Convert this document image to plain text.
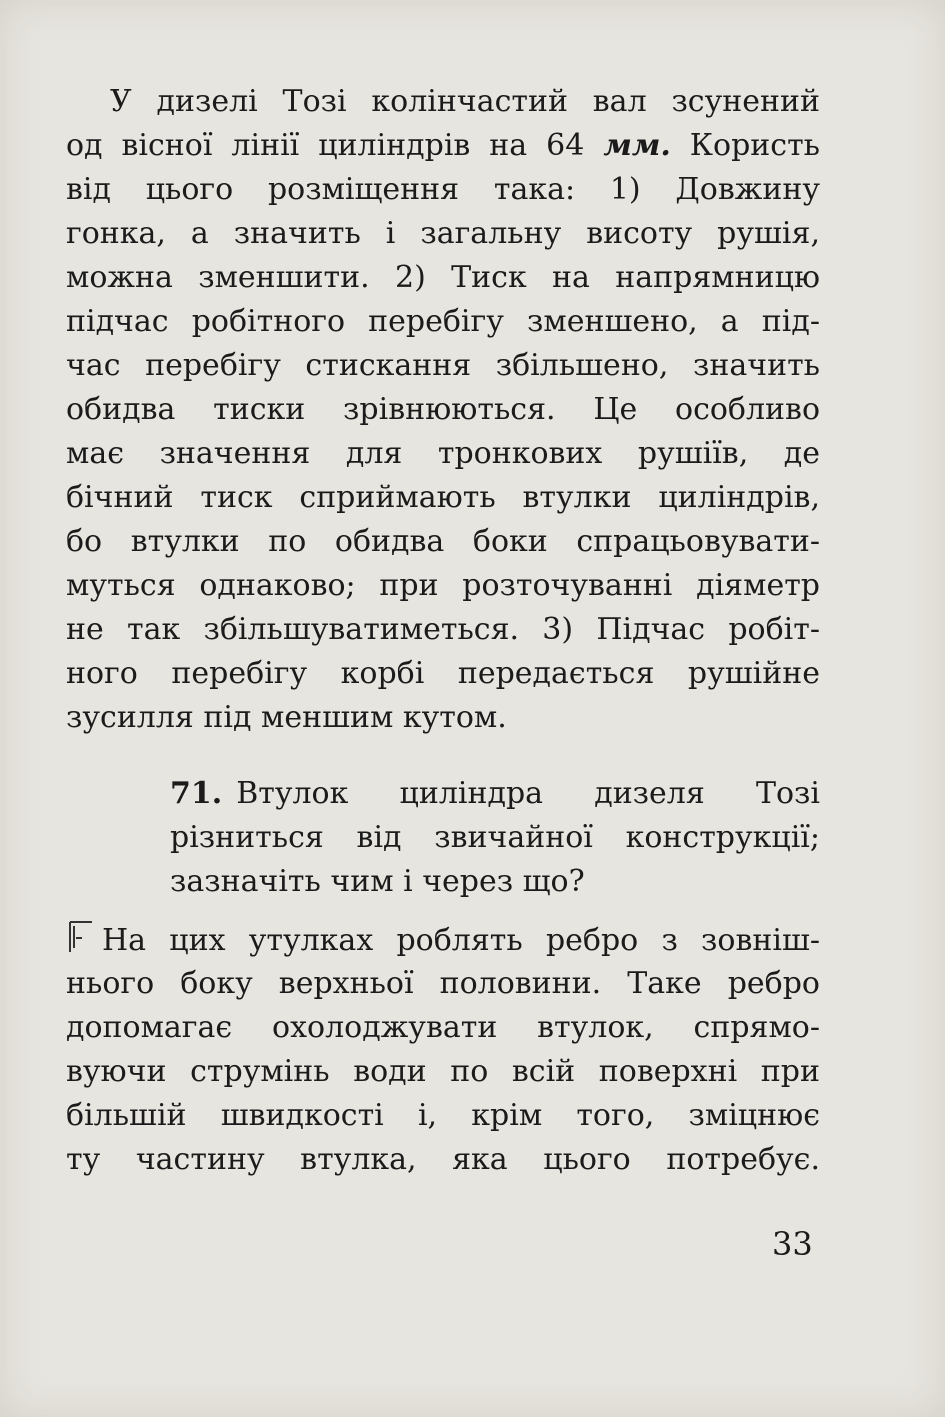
У дизелі Тозі колінчастий вал зсунений
од вісної лінії циліндрів на 64 мм. Користь
від цього розміщення така: 1) Довжину
гонка, а значить і загальну висоту рушія,
можна зменшити. 2) Тиск на напрямницю
підчас робітного перебігу зменшено, а під-
час перебігу стискання збільшено, значить
обидва тиски зрівнюються. Це особливо
має значення для тронкових рушіїв, де
бічний тиск сприймають втулки циліндрів,
бо втулки по обидва боки спрацьовувати-
муться однаково; при розточуванні діяметр
не так збільшуватиметься. 3) Підчас робіт-
ного перебігу корбі передається рушійне
зусилля під меншим кутом.
71. Втулок циліндра дизеля Тозі
різниться від звичайної конструкції;
зазначіть чим і через що?
На цих утулках роблять ребро з зовніш-
нього боку верхньої половини. Таке ребро
допомагає охолоджувати втулок, спрямо-
вуючи струмінь води по всій поверхні при
більшій швидкості і, крім того, зміцнює
ту частину втулка, яка цього потребує.
33
